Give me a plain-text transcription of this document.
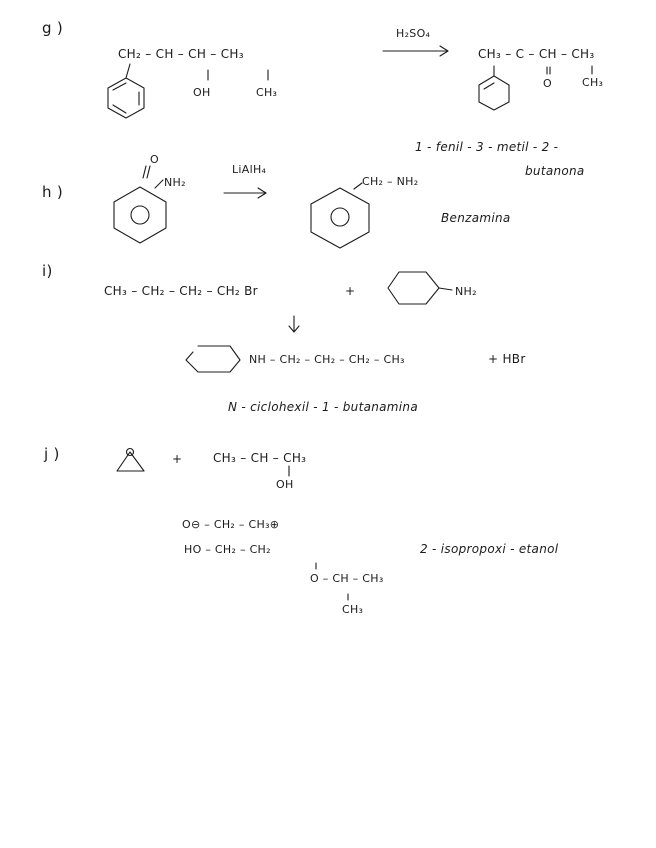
g )
CH₂ – CH – CH – CH₃
OH	CH₃
H₂SO₄
CH₃ – C – CH – CH₃
O	CH₃
1 - fenil - 3 - metil - 2 -
butanona
h )
O
NH₂
LiAlH₄
CH₂ – NH₂
Benzamina
i)
CH₃ – CH₂ – CH₂ – CH₂ Br	+	NH₂
NH – CH₂ – CH₂ – CH₂ – CH₃	+ HBr
N - ciclohexil - 1 - butanamina
j )	+	CH₃ – CH – CH₃
OH
O⊖ – CH₂ – CH₃⊕
HO – CH₂ – CH₂
O – CH – CH₃
CH₃
2 - isopropoxi - etanol
